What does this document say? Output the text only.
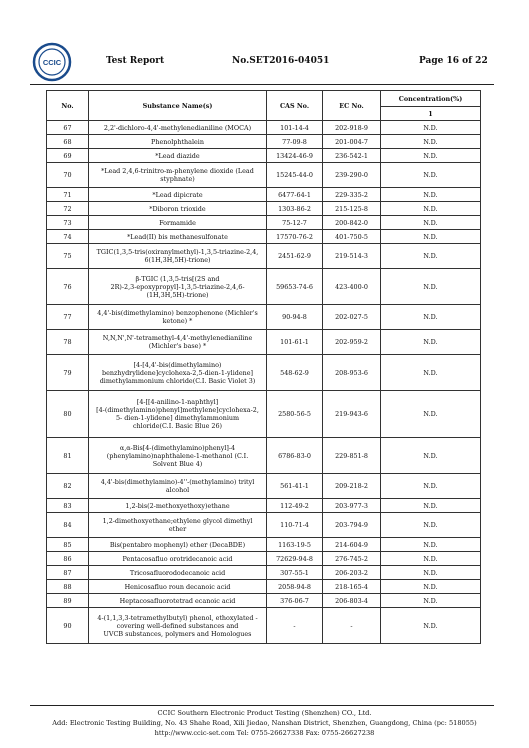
CCIC	Test Report	No.SET2016-04051	Page 16 of 22
No.	Substance Name(s)	CAS No.	EC No.	Concentration(%)
				1
67	2,2'-dichloro-4,4'-methylenedianiline (MOCA)	101-14-4	202-918-9	N.D.
68	Phenolphthalein	77-09-8	201-004-7	N.D.
69	*Lead diazide	13424-46-9	236-542-1	N.D.
70	*Lead 2,4,6-trinitro-m-phenylene dioxide (Lead
styphnate)	15245-44-0	239-290-0	N.D.
71	*Lead dipicrate	6477-64-1	229-335-2	N.D.
72	*Diboron trioxide	1303-86-2	215-125-8	N.D.
73	Formamide	75-12-7	200-842-0	N.D.
74	*Lead(II) bis methanesulfonate	17570-76-2	401-750-5	N.D.
75	TGIC(1,3,5-tris(oxiranylmethyl)-1,3,5-triazine-2,4,
6(1H,3H,5H)-trione)	2451-62-9	219-514-3	N.D.
76	β-TGIC (1,3,5-tris[(2S and
2R)-2,3-epoxypropyl]-1,3,5-triazine-2,4,6-
(1H,3H,5H)-trione)	59653-74-6	423-400-0	N.D.
77	4,4'-bis(dimethylamino) benzophenone (Michler's
ketone) *	90-94-8	202-027-5	N.D.
78	N,N,N',N'-tetramethyl-4,4'-methylenedianiline
(Michler's base) *	101-61-1	202-959-2	N.D.
79	[4-[4,4'-bis(dimethylamino)
benzhydrylidene]cyclohexa-2,5-dien-1-ylidene]
dimethylammonium chloride(C.I. Basic Violet 3)	548-62-9	208-953-6	N.D.
80	[4-[[4-anilino-1-naphthyl]
[4-(dimethylamino)phenyl]methylene]cyclohexa-2,
5- dien-1-ylidene] dimethylammonium
chloride(C.I. Basic Blue 26)	2580-56-5	219-943-6	N.D.
81	α,α-Bis[4-(dimethylamino)phenyl]-4
(phenylamino)naphthalene-1-methanol (C.I.
Solvent Blue 4)	6786-83-0	229-851-8	N.D.
82	4,4'-bis(dimethylamino)-4''-(methylamino) trityl
alcohol	561-41-1	209-218-2	N.D.
83	1,2-bis(2-methoxyethoxy)ethane	112-49-2	203-977-3	N.D.
84	1,2-dimethoxyethane;ethylene glycol dimethyl
ether	110-71-4	203-794-9	N.D.
85	Bis(pentabro mophenyl) ether (DecaBDE)	1163-19-5	214-604-9	N.D.
86	Pentacosafluo orotridecanoic acid	72629-94-8	276-745-2	N.D.
87	Tricosafluorododecanoic acid	307-55-1	206-203-2	N.D.
88	Henicosafluo roun decanoic acid	2058-94-8	218-165-4	N.D.
89	Heptacosafluorotetrad ecanoic acid	376-06-7	206-803-4	N.D.
90	4-(1,1,3,3-tetramethylbutyl) phenol, ethoxylated -
covering well-defined substances and
UVCB substances, polymers and Homologues	-	-	N.D.
CCIC Southern Electronic Product Testing (Shenzhen) CO., Ltd.
Add: Electronic Testing Building, No. 43 Shahe Road, Xili Jiedao, Nanshan District, Shenzhen, Guangdong, China (pc: 518055)
http://www.ccic-set.com Tel: 0755-26627338 Fax: 0755-26627238
